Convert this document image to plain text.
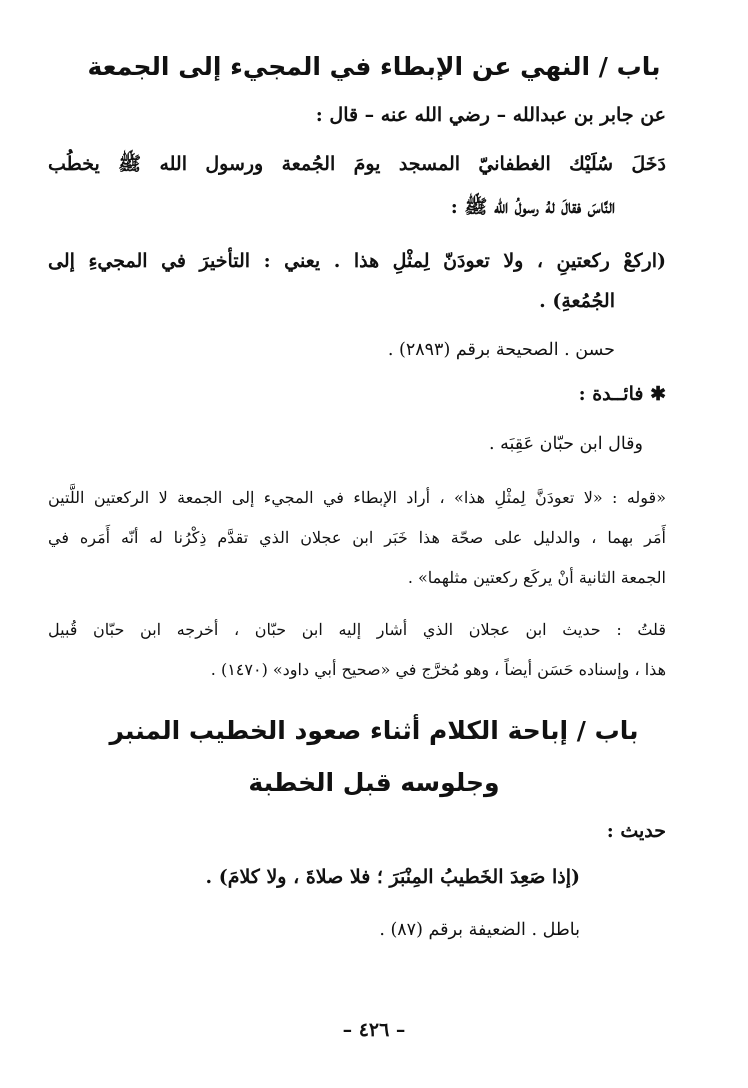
باب / النهي عن الإبطاء في المجيء إلى الجمعة
عن جابر بن عبدالله – رضي الله عنه – قال :
دَخَلَ سُلَيْك الغطفانيّ المسجد يومَ الجُمعة ورسول الله ﷺ يخطُب
النَّاسَ فقالَ لهُ رسولُ الله ﷺ :
(اركعْ ركعتينِ ، ولا تعودَنّ لِمثْلِ هذا . يعني : التأخيرَ في المجيءِ إلى
الجُمُعةِ) .
حسن . الصحيحة برقم (٢٨٩٣) .
✱ فائــدة :
وقال ابن حبّان عَقِبَه .
«قوله : «لا تعودَنَّ لِمثْلِ هذا» ، أراد الإبطاء في المجيء إلى الجمعة لا الركعتين اللَّتين
أَمَر بهما ، والدليل على صحّة هذا خَبَر ابن عجلان الذي تقدَّم ذِكْرُنا له أنّه أَمَره في
الجمعة الثانية أنْ يركَع ركعتين مثلهما» .
قلتُ : حديث ابن عجلان الذي أشار إليه ابن حبّان ، أخرجه ابن حبّان قُبيل
هذا ، وإسناده حَسَن أيضاً ، وهو مُخرَّج في «صحيح أبي داود» (١٤٧٠) .
باب / إباحة الكلام أثناء صعود الخطيب المنبر
وجلوسه قبل الخطبة
حديث :
(إذا صَعِدَ الخَطيبُ المِنْبَرَ ؛ فلا صلاةَ ، ولا كلامَ) .
باطل . الضعيفة برقم (٨٧) .
– ٤٢٦ –
